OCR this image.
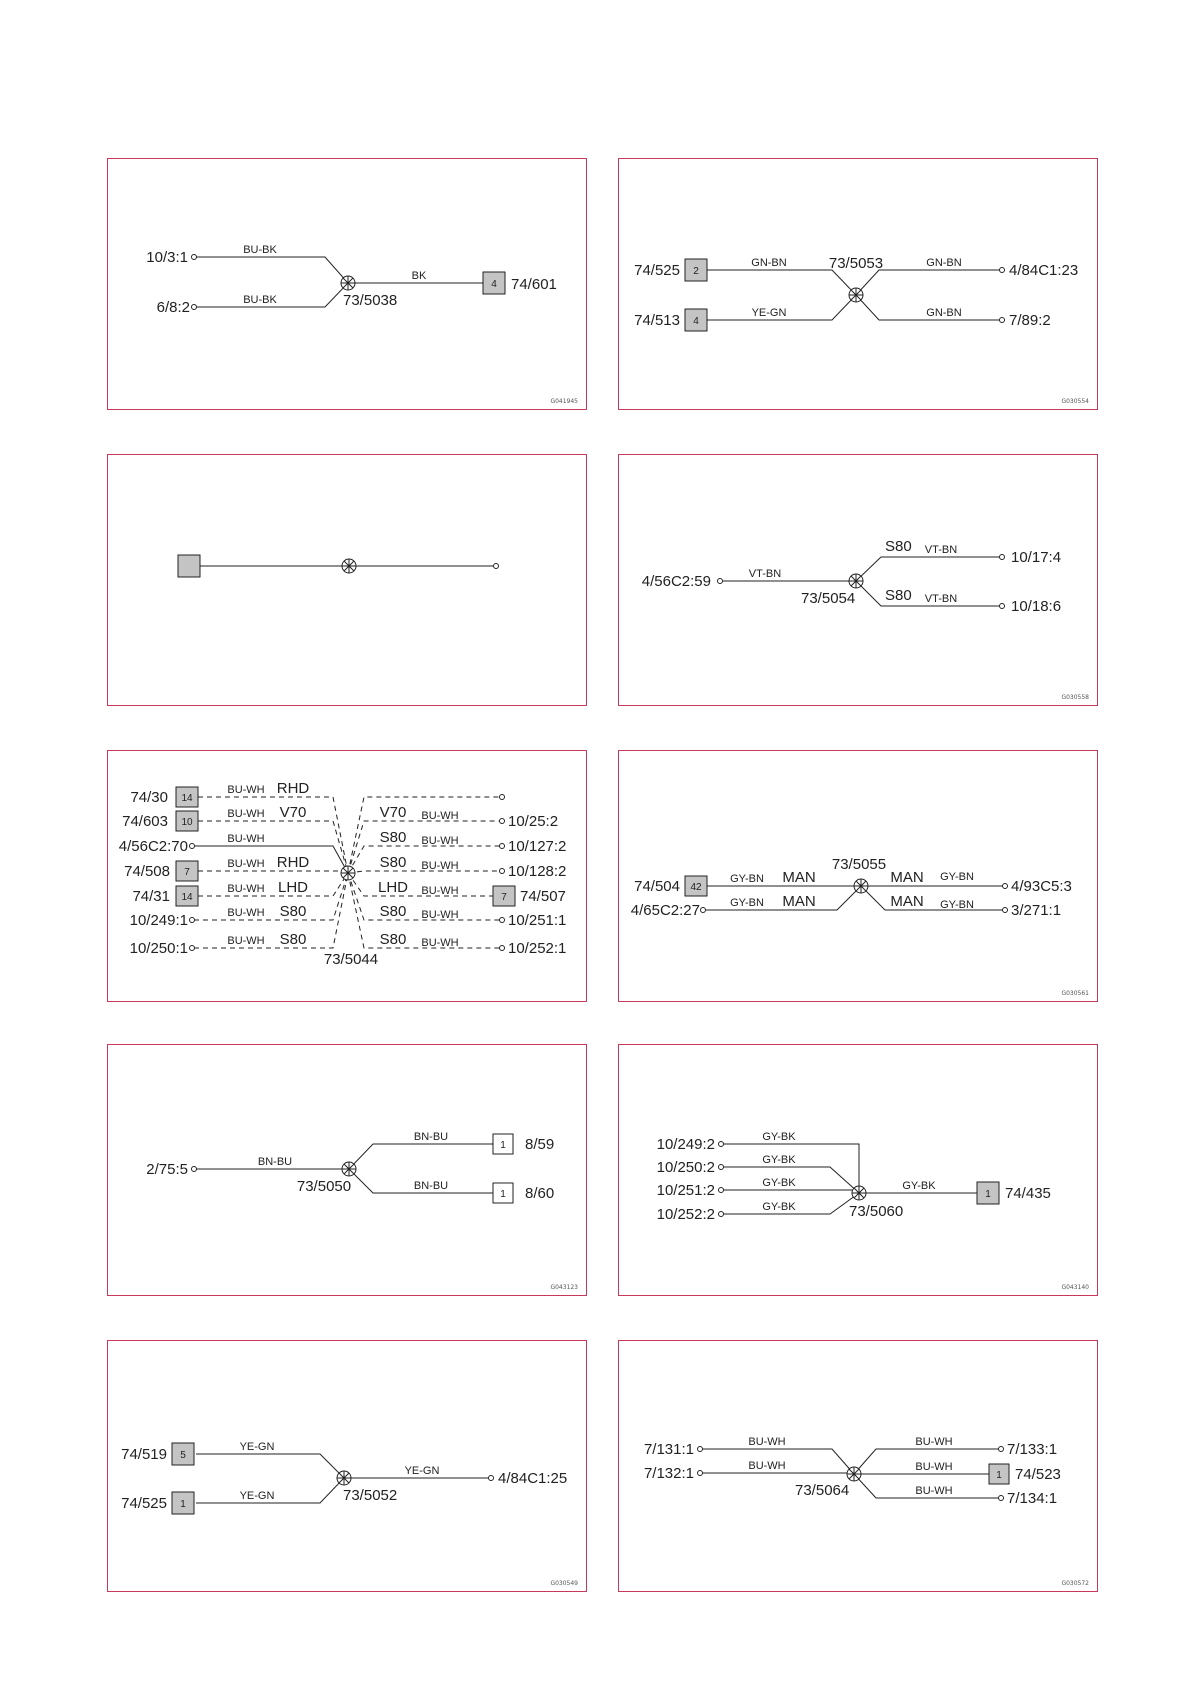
10/3:1
6/8:2
BU-BK
BU-BK
BK
4 74/601
73/5038
G041945
2
4
74/525
74/513
GN-BN
YE-GN
GN-BN
GN-BN
4/84C1:23
7/89:2
73/5053
G030554
4/56C2:59	VT-BN
S80
S80
VT-BN
VT-BN
10/17:4
10/18:6
73/5054
G030558
14
10
7
14
74/30
74/603
4/56C2:70
74/508
74/31
10/249:1
10/250:1
BU-WH RHD
BU-WH V70
BU-WH
BU-WH RHD
BU-WH LHD
BU-WH S80
BU-WH S80
73/5044
7
V70 BU-WH
S80 BU-WH
S80 BU-WH
LHD BU-WH
S80 BU-WH
S80 BU-WH
10/25:2
10/127:2
10/128:2
74/507
10/251:1
10/252:1
42
74/504
4/65C2:27
GY-BN MAN
GY-BN MAN
MAN GY-BN
MAN GY-BN
4/93C5:3
3/271:1
73/5055
G030561
2/75:5	BN-BU
BN-BU
BN-BU
1
1
8/59
8/60
73/5050
G043123
10/249:2
10/250:2
10/251:2
10/252:2
GY-BK
GY-BK
GY-BK
GY-BK
GY-BK
1 74/435
73/5060
G043140
5
1
74/519
74/525
YE-GN
YE-GN
YE-GN	4/84C1:25
73/5052
G030549
7/131:1
7/132:1
BU-WH
BU-WH
BU-WH
BU-WH
BU-WH
1
7/133:1
74/523
7/134:1
73/5064
G030572
